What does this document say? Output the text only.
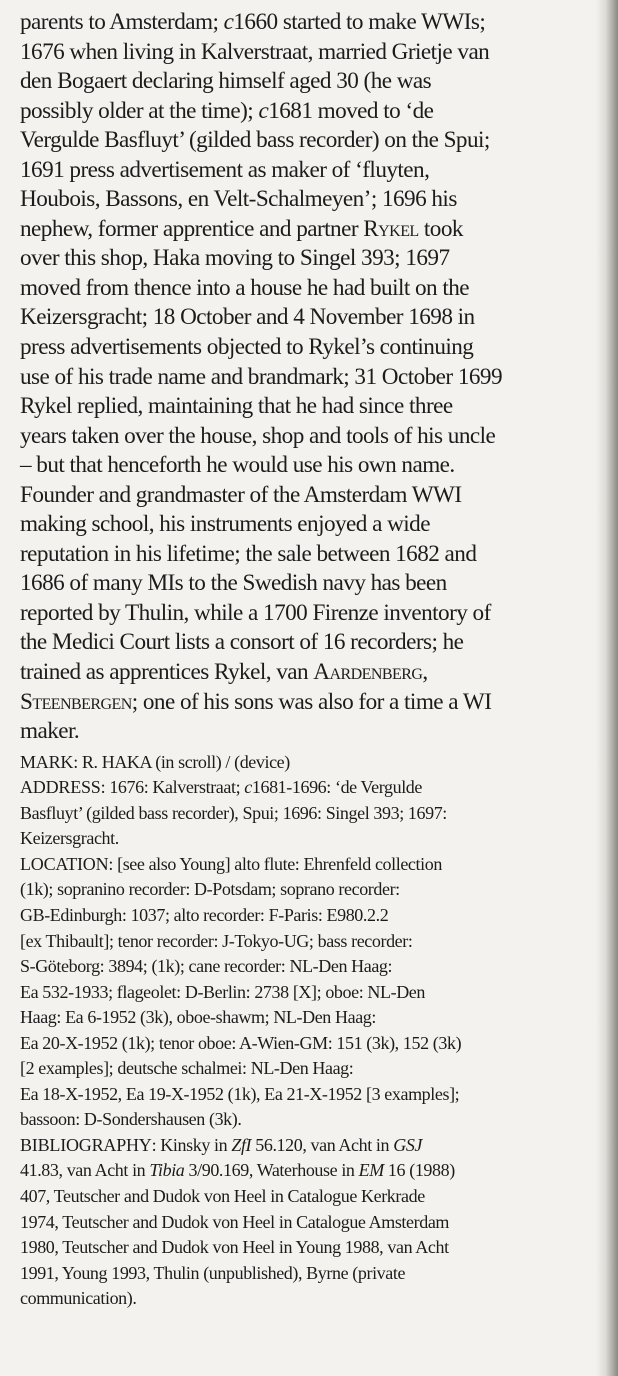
parents to Amsterdam; c1660 started to make WWIs;
1676 when living in Kalverstraat, married Grietje van
den Bogaert declaring himself aged 30 (he was
possibly older at the time); c1681 moved to ‘de
Vergulde Basfluyt’ (gilded bass recorder) on the Spui;
1691 press advertisement as maker of ‘fluyten,
Houbois, Bassons, en Velt-Schalmeyen’; 1696 his
nephew, former apprentice and partner Rykel took
over this shop, Haka moving to Singel 393; 1697
moved from thence into a house he had built on the
Keizersgracht; 18 October and 4 November 1698 in
press advertisements objected to Rykel’s continuing
use of his trade name and brandmark; 31 October 1699
Rykel replied, maintaining that he had since three
years taken over the house, shop and tools of his uncle
– but that henceforth he would use his own name.
Founder and grandmaster of the Amsterdam WWI
making school, his instruments enjoyed a wide
reputation in his lifetime; the sale between 1682 and
1686 of many MIs to the Swedish navy has been
reported by Thulin, while a 1700 Firenze inventory of
the Medici Court lists a consort of 16 recorders; he
trained as apprentices Rykel, van Aardenberg,
Steenbergen; one of his sons was also for a time a WI
maker.

MARK: R. HAKA (in scroll) / (device)

ADDRESS: 1676: Kalverstraat; c1681-1696: ‘de Vergulde
Basfluyt’ (gilded bass recorder), Spui; 1696: Singel 393; 1697:
Keizersgracht.

LOCATION: [see also Young] alto flute: Ehrenfeld collection
(1k); sopranino recorder: D-Potsdam; soprano recorder:
GB-Edinburgh: 1037; alto recorder: F-Paris: E980.2.2
[ex Thibault]; tenor recorder: J-Tokyo-UG; bass recorder:
S-Göteborg: 3894; (1k); cane recorder: NL-Den Haag:
Ea 532-1933; flageolet: D-Berlin: 2738 [X]; oboe: NL-Den
Haag: Ea 6-1952 (3k), oboe-shawm; NL-Den Haag:
Ea 20-X-1952 (1k); tenor oboe: A-Wien-GM: 151 (3k), 152 (3k)
[2 examples]; deutsche schalmei: NL-Den Haag:
Ea 18-X-1952, Ea 19-X-1952 (1k), Ea 21-X-1952 [3 examples];
bassoon: D-Sondershausen (3k).

BIBLIOGRAPHY: Kinsky in ZfI 56.120, van Acht in GSJ
41.83, van Acht in Tibia 3/90.169, Waterhouse in EM 16 (1988)
407, Teutscher and Dudok von Heel in Catalogue Kerkrade
1974, Teutscher and Dudok von Heel in Catalogue Amsterdam
1980, Teutscher and Dudok von Heel in Young 1988, van Acht
1991, Young 1993, Thulin (unpublished), Byrne (private
communication).
